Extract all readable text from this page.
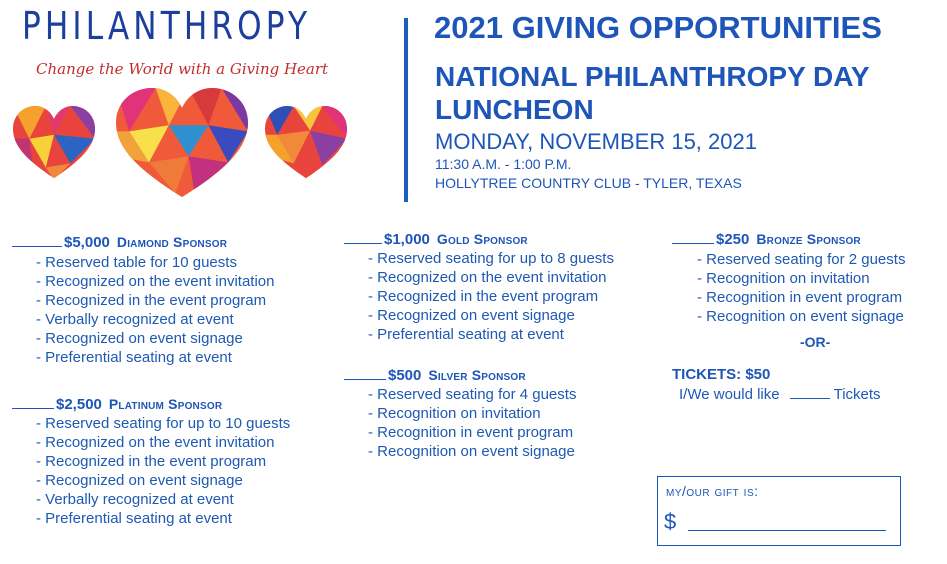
PHILANTHROPY
Change the World with a Giving Heart
2021 GIVING OPPORTUNITIES
NATIONAL PHILANTHROPY DAY LUNCHEON
MONDAY, NOVEMBER 15, 2021
11:30 A.M. - 1:00 P.M.
HOLLYTREE COUNTRY CLUB - TYLER, TEXAS
$5,000 Diamond Sponsor
- Reserved table for 10 guests
- Recognized on the event invitation
- Recognized in the event program
- Verbally recognized at event
- Recognized on event signage
- Preferential seating at event
$2,500 Platinum Sponsor
- Reserved seating for up to 10 guests
- Recognized on the event invitation
- Recognized in the event program
- Recognized on event signage
- Verbally recognized at event
- Preferential seating at event
$1,000 Gold Sponsor
- Reserved seating for up to 8 guests
- Recognized on the event invitation
- Recognized in the event program
- Recognized on event signage
- Preferential seating at event
$500 Silver Sponsor
- Reserved seating for 4 guests
- Recognition on invitation
- Recognition in event program
- Recognition on event signage
$250 Bronze Sponsor
- Reserved seating for 2 guests
- Recognition on invitation
- Recognition in event program
- Recognition on event signage
-OR-
TICKETS: $50
I/We would like	Tickets
my/our gift is:
$
